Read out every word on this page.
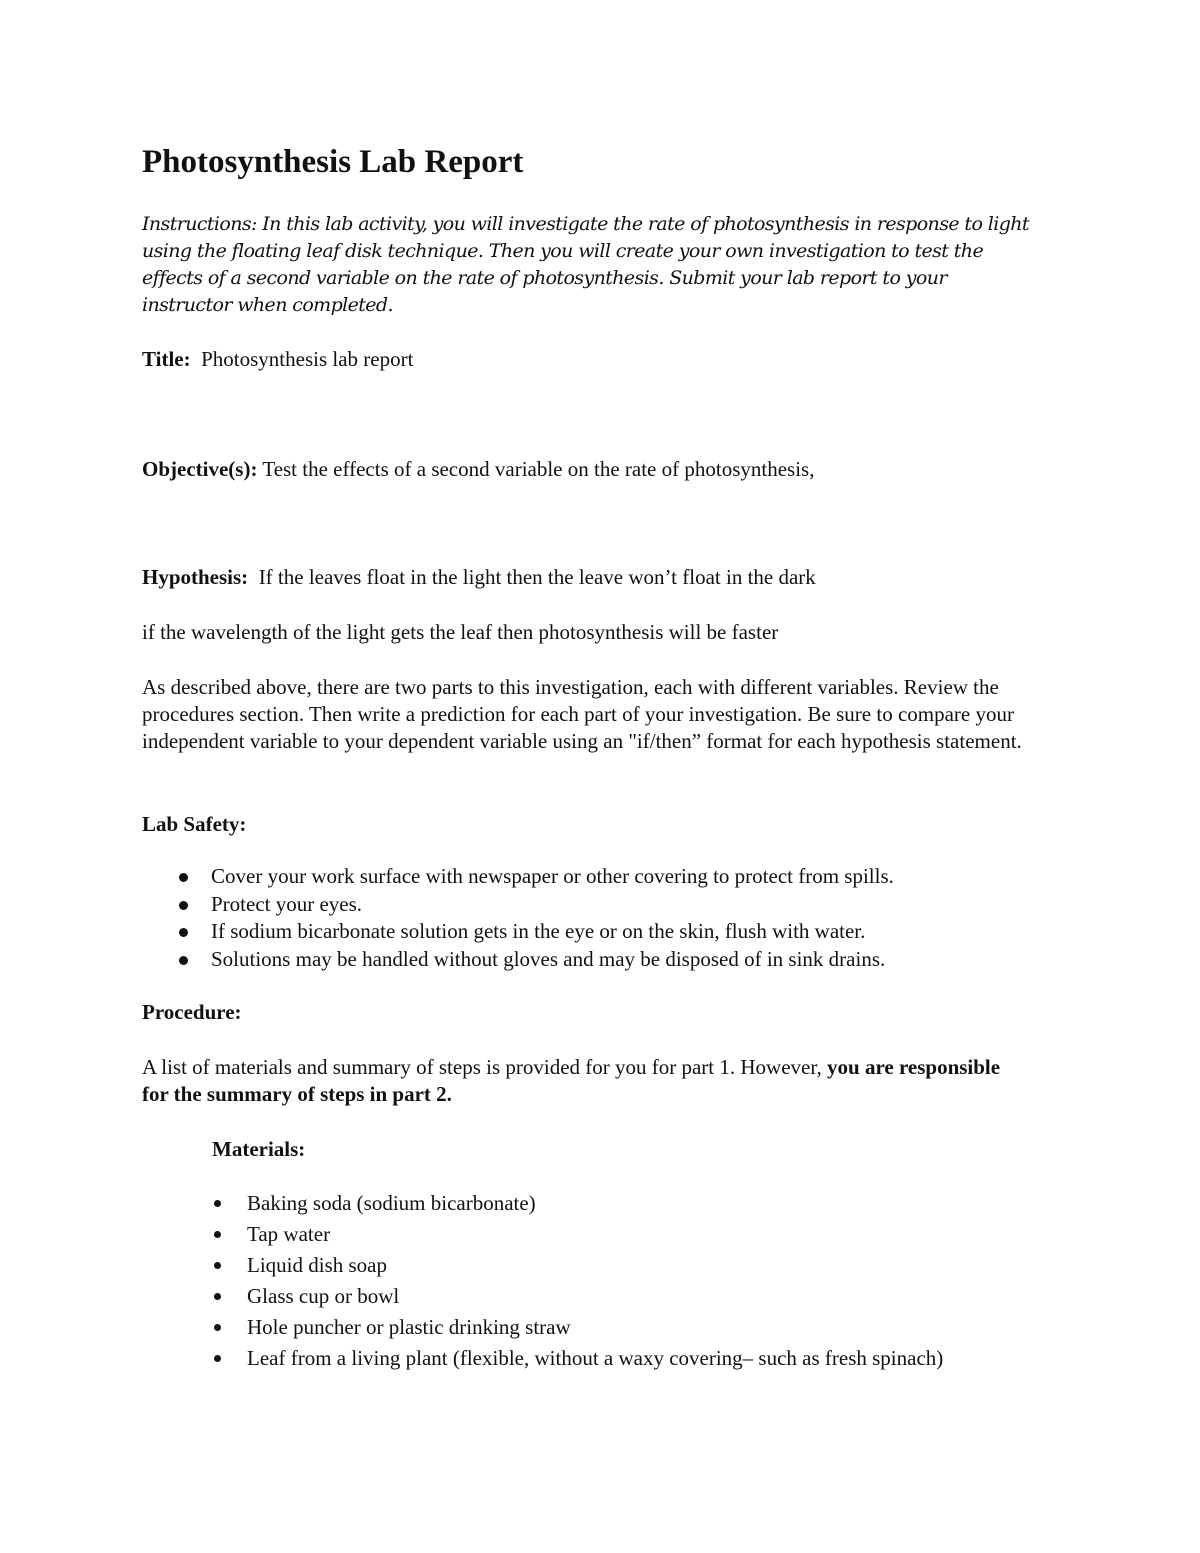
Photosynthesis Lab Report

Instructions: In this lab activity, you will investigate the rate of photosynthesis in response to light using the floating leaf disk technique. Then you will create your own investigation to test the effects of a second variable on the rate of photosynthesis. Submit your lab report to your instructor when completed.

Title: Photosynthesis lab report

Objective(s): Test the effects of a second variable on the rate of photosynthesis,

Hypothesis: If the leaves float in the light then the leave won’t float in the dark

if the wavelength of the light gets the leaf then photosynthesis will be faster

As described above, there are two parts to this investigation, each with different variables. Review the procedures section. Then write a prediction for each part of your investigation. Be sure to compare your independent variable to your dependent variable using an "if/then” format for each hypothesis statement.

Lab Safety:

Cover your work surface with newspaper or other covering to protect from spills.
Protect your eyes.
If sodium bicarbonate solution gets in the eye or on the skin, flush with water.
Solutions may be handled without gloves and may be disposed of in sink drains.

Procedure:

A list of materials and summary of steps is provided for you for part 1. However, you are responsible for the summary of steps in part 2.

Materials:

Baking soda (sodium bicarbonate)
Tap water
Liquid dish soap
Glass cup or bowl
Hole puncher or plastic drinking straw
Leaf from a living plant (flexible, without a waxy covering– such as fresh spinach)
